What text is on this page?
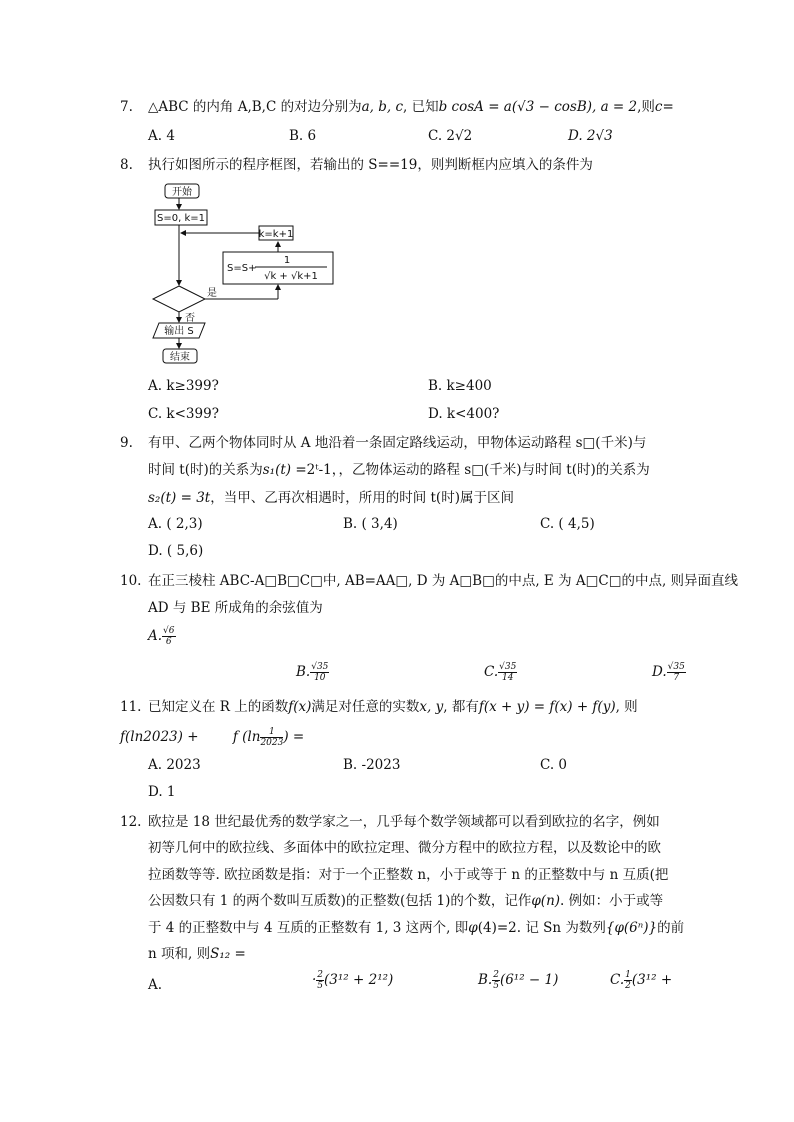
7. △ABC 的内角 A,B,C 的对边分别为a, b, c, 已知b cosA = a(√3 − cosB), a = 2,则c=
A. 4	B. 6	C. 2√2	D. 2√3
8. 执行如图所示的程序框图，若输出的 S==19，则判断框内应填入的条件为
开始
S=0, k=1
k=k+1
S=S+
1
√k + √k+1
是
否
输出 S
结束
A. k≥399?	B. k≥400
C. k<399?	D. k<400?
9. 有甲、乙两个物体同时从 A 地沿着一条固定路线运动，甲物体运动路程 s□(千米)与
时间 t(时)的关系为s₁(t) =2ᵗ-1，，乙物体运动的路程 s□(千米)与时间 t(时)的关系为
s₂(t) = 3t，当甲、乙再次相遇时，所用的时间 t(时)属于区间
A. ( 2,3)	B. ( 3,4)	C. ( 4,5)
D. ( 5,6)
10. 在正三棱柱 ABC-A□B□C□中, AB=AA□, D 为 A□B□的中点, E 为 A□C□的中点, 则异面直线
AD 与 BE 所成角的余弦值为
A. $\frac{√6}{6}$
B. $\frac{√35}{10}$	C. $\frac{√35}{14}$	D. $\frac{√35}{7}$
11. 已知定义在 R 上的函数f(x)满足对任意的实数x, y, 都有f(x + y) = f(x) + f(y), 则
f(ln2023) +	f ($\ln \frac{1}{2023}$ ) =
A. 2023	B. -2023	C. 0
D. 1
12. 欧拉是 18 世纪最优秀的数学家之一，几乎每个数学领域都可以看到欧拉的名字，例如
初等几何中的欧拉线、多面体中的欧拉定理、微分方程中的欧拉方程，以及数论中的欧
拉函数等等. 欧拉函数是指：对于一个正整数 n，小于或等于 n 的正整数中与 n 互质(把
公因数只有 1 的两个数叫互质数)的正整数(包括 1)的个数，记作φ(n). 例如：小于或等
于 4 的正整数中与 4 互质的正整数有 1, 3 这两个, 即φ(4)=2. 记 Sn 为数列{φ(6ⁿ)}的前
n 项和, 则S₁₂ =
A.	· $\frac{2}{5} (3^{12} + 2^{12})$	B. $\frac{2}{5} (6^{12} - 1)$	C. $\frac{1}{2} (3^{12}$ +
